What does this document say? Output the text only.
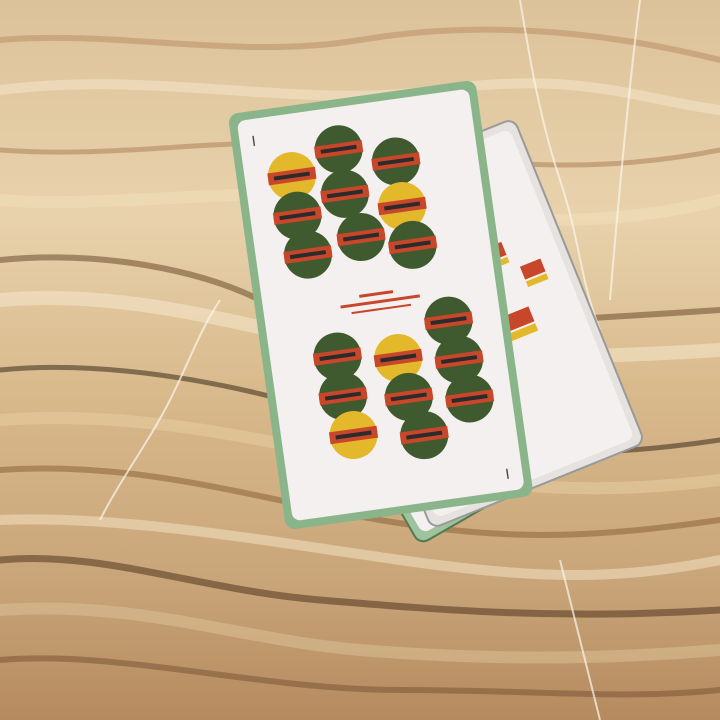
I
I
